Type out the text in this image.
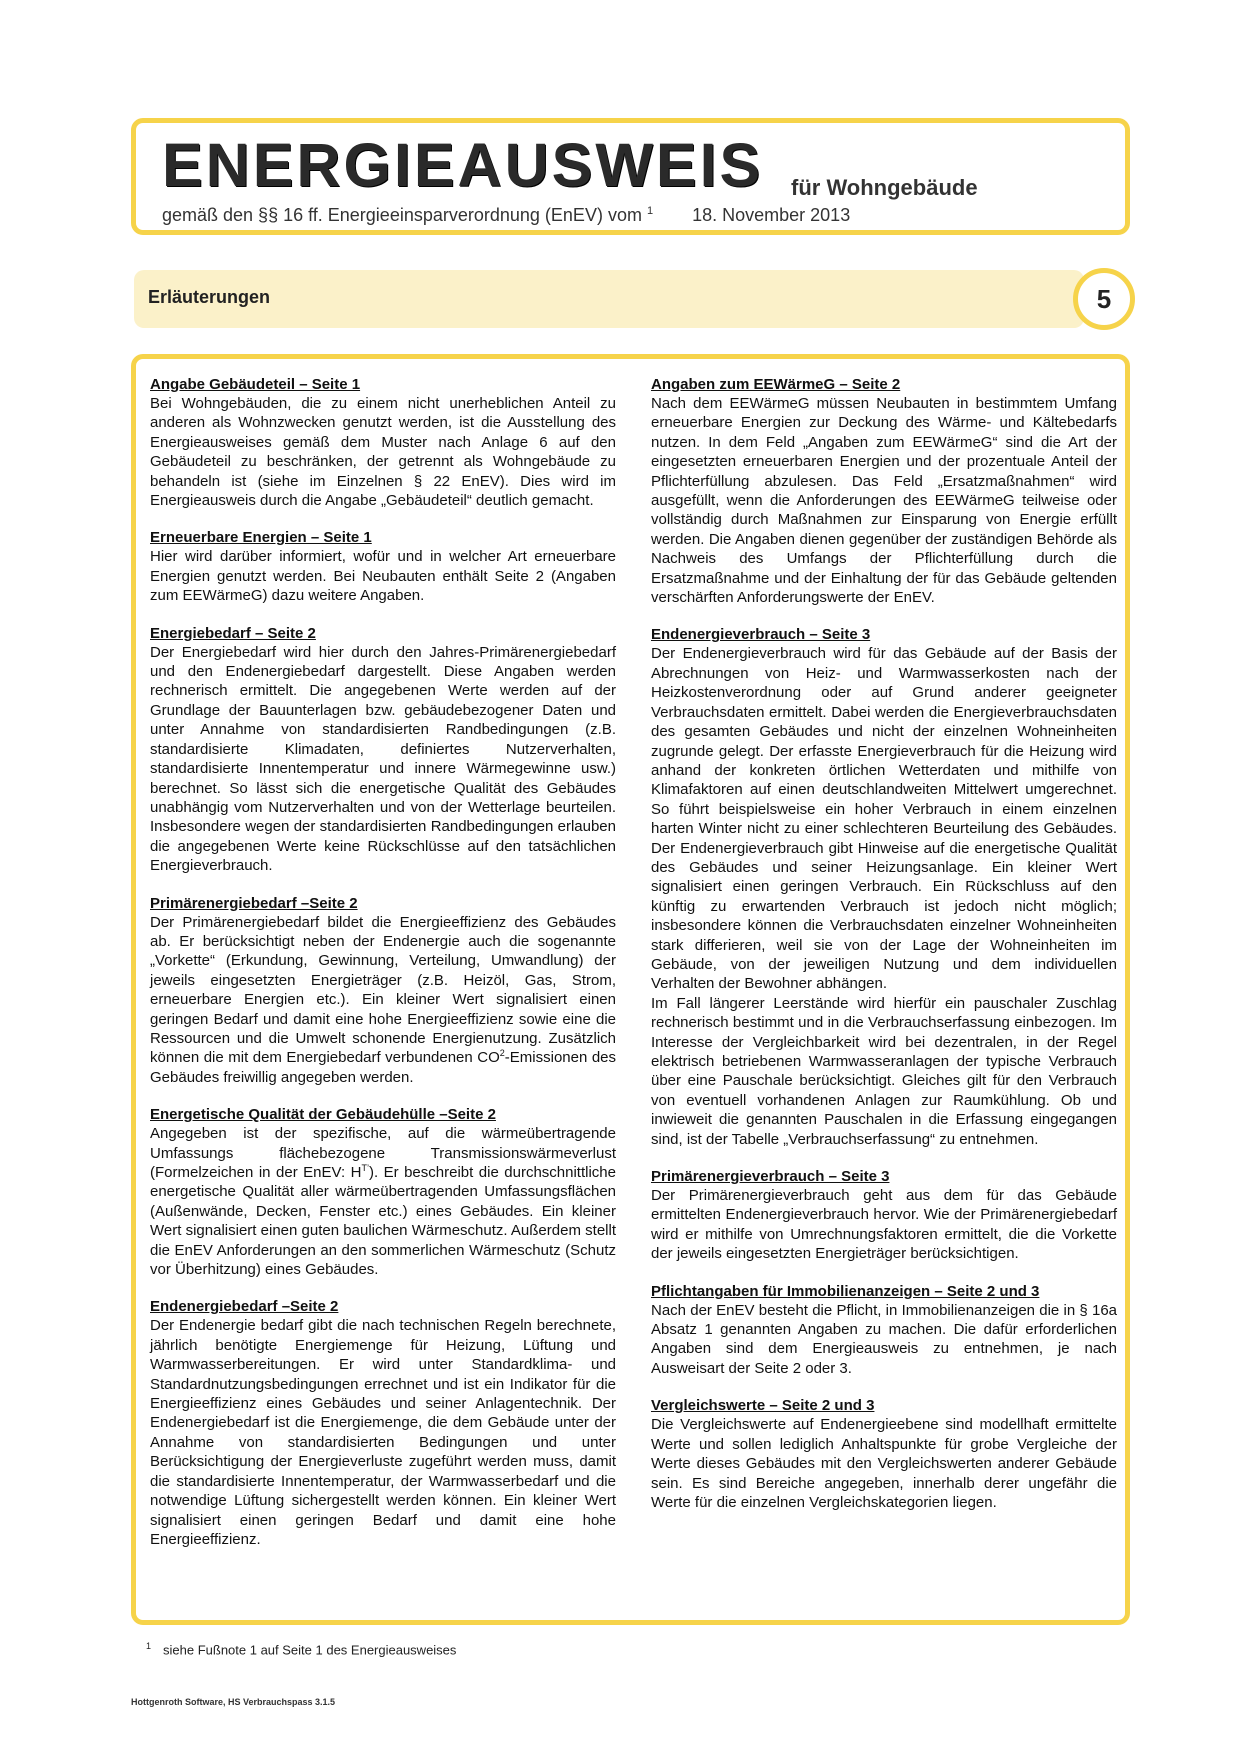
ENERGIEAUSWEIS für Wohngebäude
gemäß den §§ 16 ff. Energieeinsparverordnung (EnEV) vom $^1$ 18. November 2013
Erläuterungen	5
Angabe Gebäudeteil – Seite 1

Bei Wohngebäuden, die zu einem nicht unerheblichen Anteil zu anderen als Wohnzwecken genutzt werden, ist die Ausstellung des Energieausweises gemäß dem Muster nach Anlage 6 auf den Gebäudeteil zu beschränken, der getrennt als Wohngebäude zu behandeln ist (siehe im Einzelnen § 22 EnEV). Dies wird im Energieausweis durch die Angabe „Gebäudeteil“ deutlich gemacht.

Erneuerbare Energien – Seite 1

Hier wird darüber informiert, wofür und in welcher Art erneuerbare Energien genutzt werden. Bei Neubauten enthält Seite 2 (Angaben zum EEWärmeG) dazu weitere Angaben.

Energiebedarf – Seite 2

Der Energiebedarf wird hier durch den Jahres-Primärenergiebedarf und den Endenergiebedarf dargestellt. Diese Angaben werden rechnerisch ermittelt. Die angegebenen Werte werden auf der Grundlage der Bauunterlagen bzw. gebäudebezogener Daten und unter Annahme von standardisierten Randbedingungen (z.B. standardisierte Klimadaten, definiertes Nutzerverhalten, standardisierte Innentemperatur und innere Wärmegewinne usw.) berechnet. So lässt sich die energetische Qualität des Gebäudes unabhängig vom Nutzerverhalten und von der Wetterlage beurteilen. Insbesondere wegen der standardisierten Randbedingungen erlauben die angegebenen Werte keine Rückschlüsse auf den tatsächlichen Energieverbrauch.

Primärenergiebedarf –Seite 2

Der Primärenergiebedarf bildet die Energieeffizienz des Gebäudes ab. Er berücksichtigt neben der Endenergie auch die sogenannte „Vorkette“ (Erkundung, Gewinnung, Verteilung, Umwandlung) der jeweils eingesetzten Energieträger (z.B. Heizöl, Gas, Strom, erneuerbare Energien etc.). Ein kleiner Wert signalisiert einen geringen Bedarf und damit eine hohe Energieeffizienz sowie eine die Ressourcen und die Umwelt schonende Energienutzung. Zusätzlich können die mit dem Energiebedarf verbundenen $CO^2$-Emissionen des Gebäudes freiwillig angegeben werden.

Energetische Qualität der Gebäudehülle –Seite 2

Angegeben ist der spezifische, auf die wärmeübertragende Umfassungs flächebezogene Transmissionswärmeverlust (Formelzeichen in der EnEV: $H^{T’}$). Er beschreibt die durchschnittliche energetische Qualität aller wärmeübertragenden Umfassungsflächen (Außenwände, Decken, Fenster etc.) eines Gebäudes. Ein kleiner Wert signalisiert einen guten baulichen Wärmeschutz. Außerdem stellt die EnEV Anforderungen an den sommerlichen Wärmeschutz (Schutz vor Überhitzung) eines Gebäudes.

Endenergiebedarf –Seite 2

Der Endenergie bedarf gibt die nach technischen Regeln berechnete, jährlich benötigte Energiemenge für Heizung, Lüftung und Warmwasserbereitungen. Er wird unter Standardklima- und Standardnutzungsbedingungen errechnet und ist ein Indikator für die Energieeffizienz eines Gebäudes und seiner Anlagentechnik. Der Endenergiebedarf ist die Energiemenge, die dem Gebäude unter der Annahme von standardisierten Bedingungen und unter Berücksichtigung der Energieverluste zugeführt werden muss, damit die standardisierte Innentemperatur, der Warmwasserbedarf und die notwendige Lüftung sichergestellt werden können. Ein kleiner Wert signalisiert einen geringen Bedarf und damit eine hohe Energieeffizienz.

Angaben zum EEWärmeG – Seite 2

Nach dem EEWärmeG müssen Neubauten in bestimmtem Umfang erneuerbare Energien zur Deckung des Wärme- und Kältebedarfs nutzen. In dem Feld „Angaben zum EEWärmeG“ sind die Art der eingesetzten erneuerbaren Energien und der prozentuale Anteil der Pflichterfüllung abzulesen. Das Feld „Ersatzmaßnahmen“ wird ausgefüllt, wenn die Anforderungen des EEWärmeG teilweise oder vollständig durch Maßnahmen zur Einsparung von Energie erfüllt werden. Die Angaben dienen gegenüber der zuständigen Behörde als Nachweis des Umfangs der Pflichterfüllung durch die Ersatzmaßnahme und der Einhaltung der für das Gebäude geltenden verschärften Anforderungswerte der EnEV.

Endenergieverbrauch – Seite 3

Der Endenergieverbrauch wird für das Gebäude auf der Basis der Abrechnungen von Heiz- und Warmwasserkosten nach der Heizkostenverordnung oder auf Grund anderer geeigneter Verbrauchsdaten ermittelt. Dabei werden die Energieverbrauchsdaten des gesamten Gebäudes und nicht der einzelnen Wohneinheiten zugrunde gelegt. Der erfasste Energieverbrauch für die Heizung wird anhand der konkreten örtlichen Wetterdaten und mithilfe von Klimafaktoren auf einen deutschlandweiten Mittelwert umgerechnet. So führt beispielsweise ein hoher Verbrauch in einem einzelnen harten Winter nicht zu einer schlechteren Beurteilung des Gebäudes. Der Endenergieverbrauch gibt Hinweise auf die energetische Qualität des Gebäudes und seiner Heizungsanlage. Ein kleiner Wert signalisiert einen geringen Verbrauch. Ein Rückschluss auf den künftig zu erwartenden Verbrauch ist jedoch nicht möglich; insbesondere können die Verbrauchsdaten einzelner Wohneinheiten stark differieren, weil sie von der Lage der Wohneinheiten im Gebäude, von der jeweiligen Nutzung und dem individuellen Verhalten der Bewohner abhängen.

Im Fall längerer Leerstände wird hierfür ein pauschaler Zuschlag rechnerisch bestimmt und in die Verbrauchserfassung einbezogen. Im Interesse der Vergleichbarkeit wird bei dezentralen, in der Regel elektrisch betriebenen Warmwasseranlagen der typische Verbrauch über eine Pauschale berücksichtigt. Gleiches gilt für den Verbrauch von eventuell vorhandenen Anlagen zur Raumkühlung. Ob und inwieweit die genannten Pauschalen in die Erfassung eingegangen sind, ist der Tabelle „Verbrauchserfassung“ zu entnehmen.

Primärenergieverbrauch – Seite 3

Der Primärenergieverbrauch geht aus dem für das Gebäude ermittelten Endenergieverbrauch hervor. Wie der Primärenergiebedarf wird er mithilfe von Umrechnungsfaktoren ermittelt, die die Vorkette der jeweils eingesetzten Energieträger berücksichtigen.

Pflichtangaben für Immobilienanzeigen – Seite 2 und 3

Nach der EnEV besteht die Pflicht, in Immobilienanzeigen die in § 16a Absatz 1 genannten Angaben zu machen. Die dafür erforderlichen Angaben sind dem Energieausweis zu entnehmen, je nach Ausweisart der Seite 2 oder 3.

Vergleichswerte – Seite 2 und 3

Die Vergleichswerte auf Endenergieebene sind modellhaft ermittelte Werte und sollen lediglich Anhaltspunkte für grobe Vergleiche der Werte dieses Gebäudes mit den Vergleichswerten anderer Gebäude sein. Es sind Bereiche angegeben, innerhalb derer ungefähr die Werte für die einzelnen Vergleichskategorien liegen.

$^1$ siehe Fußnote 1 auf Seite 1 des Energieausweises
Hottgenroth Software, HS Verbrauchspass 3.1.5
